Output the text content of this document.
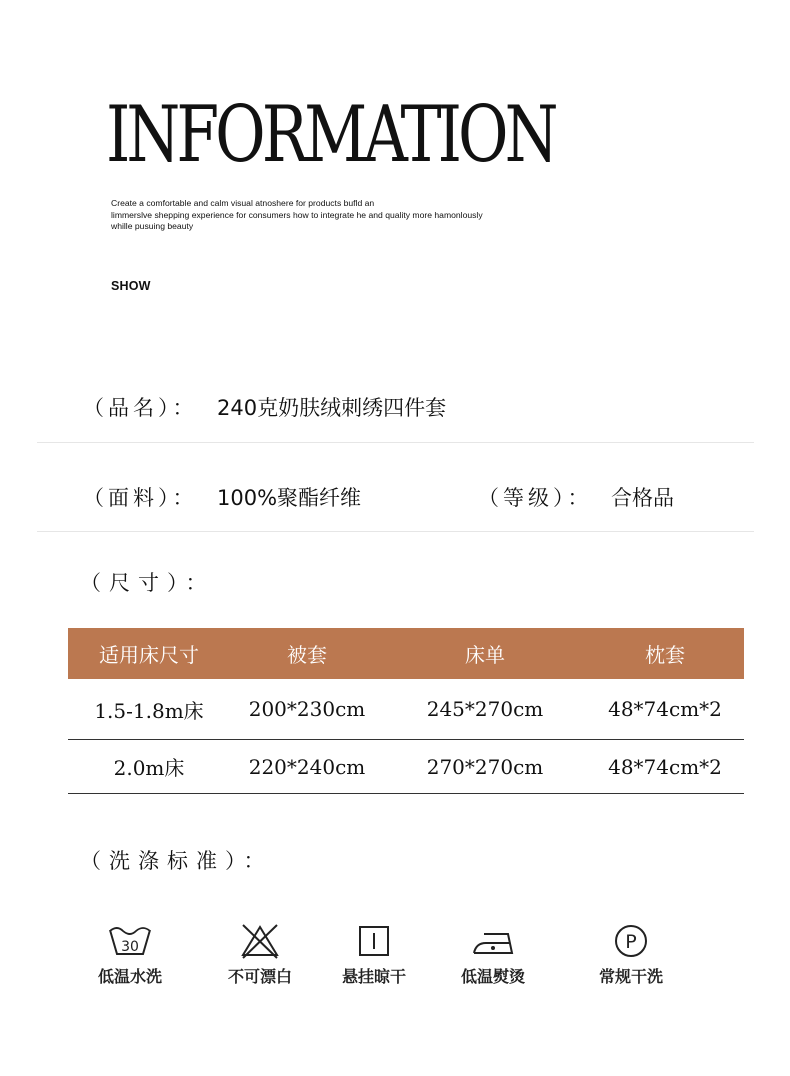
INFORMATION

Create a comfortable and calm visual atnoshere for products bufld an
limmerslve shepping experience for consumers how to integrate he and quality more hamonlously
whille pusuing beauty

SHOW
（品名）： 240克奶肤绒刺绣四件套
（面料）： 100%聚酯纤维	（等级）： 合格品
（尺寸）：
适用床尺寸	被套	床单	枕套
1.5-1.8m床	200*230cm	245*270cm	48*74cm*2
2.0m床	220*240cm	270*270cm	48*74cm*2
（洗涤标准）：
30
低温水洗	不可漂白	悬挂晾干	低温熨烫
P
常规干洗
